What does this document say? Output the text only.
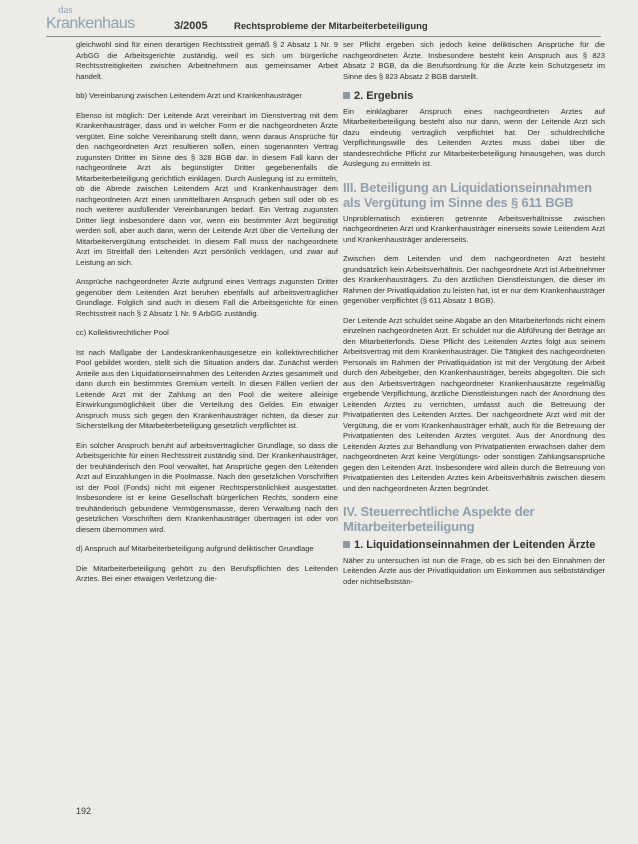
das
Krankenhaus	3/2005	Rechtsprobleme der Mitarbeiterbeteiligung

gleichwohl sind für einen derartigen Rechtsstreit gemäß § 2 Absatz 1 Nr. 9 ArbGG die Arbeitsgerichte zuständig, weil es sich um bürgerliche Rechtsstreitigkeiten zwischen Arbeitnehmern aus gemeinsamer Arbeit handelt.

bb) Vereinbarung zwischen Leitendem Arzt und Krankenhausträger

Ebenso ist möglich: Der Leitende Arzt vereinbart im Dienstvertrag mit dem Krankenhausträger, dass und in welcher Form er die nachgeordneten Ärzte vergütet. Eine solche Vereinbarung stellt dann, wenn daraus Ansprüche für den nachgeordneten Arzt resultieren sollen, einen sogenannten Vertrag zugunsten Dritter im Sinne des § 328 BGB dar. In diesem Fall kann der nachgeordnete Arzt als begünstigter Dritter gegebenenfalls die Mitarbeiterbeteiligung gerichtlich einklagen. Durch Auslegung ist zu ermitteln, ob die Abrede zwischen Leitendem Arzt und Krankenhausträger dem nachgeordneten Arzt einen unmittelbaren Anspruch geben soll oder ob es noch weiterer ausfüllender Vereinbarungen bedarf. Ein Vertrag zugunsten Dritter liegt insbesondere dann vor, wenn ein bestimmter Arzt begünstigt werden soll, aber auch dann, wenn der Leitende Arzt über die Verteilung der Mitarbeitervergütung entscheidet. In diesem Fall muss der nachgeordnete Arzt im Streitfall den Leitenden Arzt persönlich verklagen, und zwar auf Leistung an sich.

Ansprüche nachgeordneter Ärzte aufgrund eines Vertrags zugunsten Dritter gegenüber dem Leitenden Arzt beruhen ebenfalls auf arbeitsvertraglicher Grundlage. Folglich sind auch in diesem Fall die Arbeitsgerichte für einen Rechtsstreit nach § 2 Absatz 1 Nr. 9 ArbGG zuständig.

cc) Kollektivrechtlicher Pool

Ist nach Maßgabe der Landeskrankenhausgesetze ein kollektivrechtlicher Pool gebildet worden, stellt sich die Situation anders dar. Zunächst werden Anteile aus den Liquidationseinnahmen des Leitenden Arztes gesammelt und dann durch ein bestimmtes Gremium verteilt. In diesen Fällen verliert der Leitende Arzt mit der Zahlung an den Pool die weitere alleinige Einwirkungsmöglichkeit über die Verteilung des Geldes. Ein etwaiger Anspruch muss sich gegen den Krankenhausträger richten, da dieser zur Sicherstellung der Mitarbeiterbeteiligung gesetzlich verpflichtet ist.

Ein solcher Anspruch beruht auf arbeitsvertraglicher Grundlage, so dass die Arbeitsgerichte für einen Rechtsstreit zuständig sind. Der Krankenhausträger, der treuhänderisch den Pool verwaltet, hat Ansprüche gegen den Leitenden Arzt auf Einzahlungen in die Poolmasse. Nach den gesetzlichen Vorschriften ist der Pool (Fonds) nicht mit eigener Rechtspersönlichkeit ausgestattet. Insbesondere ist er keine Gesellschaft bürgerlichen Rechts, sondern eine treuhänderisch gebundene Vermögensmasse, deren Verwaltung nach den gesetzlichen Vorschriften dem Krankenhausträger übertragen ist oder von diesem übernommen wird.

d) Anspruch auf Mitarbeiterbeteiligung aufgrund deliktischer Grundlage

Die Mitarbeiterbeteiligung gehört zu den Berufspflichten des Leitenden Arztes. Bei einer etwaigen Verletzung die-

ser Pflicht ergeben sich jedoch keine deliktischen Ansprüche für die nachgeordneten Ärzte. Insbesondere besteht kein Anspruch aus § 823 Absatz 2 BGB, da die Berufsordnung für die Ärzte kein Schutzgesetz im Sinne des § 823 Absatz 2 BGB darstellt.

2. Ergebnis

Ein einklagbarer Anspruch eines nachgeordneten Arztes auf Mitarbeiterbeteiligung besteht also nur dann, wenn der Leitende Arzt sich dazu eindeutig vertraglich verpflichtet hat. Der schuldrechtliche Verpflichtungswille des Leitenden Arztes muss dabei über die standesrechtliche Pflicht zur Mitarbeiterbeteiligung hinausgehen, was durch Auslegung zu ermitteln ist.

III. Beteiligung an Liquidationseinnahmen als Vergütung im Sinne des § 611 BGB

Unproblematisch existieren getrennte Arbeitsverhältnisse zwischen nachgeordneten Arzt und Krankenhausträger einerseits sowie Leitendem Arzt und Krankenhausträger andererseits.

Zwischen dem Leitenden und dem nachgeordneten Arzt besteht grundsätzlich kein Arbeitsverhältnis. Der nachgeordnete Arzt ist Arbeitnehmer des Krankenhausträgers. Zu den ärztlichen Dienstleistungen, die dieser im Rahmen der Privatliquidation zu leisten hat, ist er nur dem Krankenhausträger gegenüber verpflichtet (§ 611 Absatz 1 BGB).

Der Leitende Arzt schuldet seine Abgabe an den Mitarbeiterfonds nicht einem einzelnen nachgeordneten Arzt. Er schuldet nur die Abführung der Beträge an den Mitarbeiterfonds. Diese Pflicht des Leitenden Arztes folgt aus seinem Arbeitsvertrag mit dem Krankenhausträger. Die Tätigkeit des nachgeordneten Personals im Rahmen der Privatliquidation ist mit der Vergütung der Arbeit durch den Arbeitgeber, den Krankenhausträger, bereits abgegolten. Die sich aus den Arbeitsverträgen nachgeordneter Krankenhausärzte regelmäßig ergebende Verpflichtung, ärztliche Dienstleistungen nach der Anordnung des Leitenden Arztes zu verrichten, umfasst auch die Betreuung der Privatpatienten des Leitenden Arztes. Der nachgeordnete Arzt wird mit der Vergütung, die er vom Krankenhausträger erhält, auch für die Betreuung der Privatpatienten des Leitenden Arztes vergütet. Aus der Anordnung des Leitenden Arztes zur Behandlung von Privatpatienten erwachsen daher dem nachgeordneten Arzt keine Vergütungs- oder sonstigen Zahlungsansprüche gegen den Leitenden Arzt. Insbesondere wird allein durch die Betreuung von Privatpatienten des Leitenden Arztes kein Arbeitsverhältnis zwischen diesem und den nachgeordneten Ärzten begründet.

IV. Steuerrechtliche Aspekte der Mitarbeiterbeteiligung
1. Liquidationseinnahmen der Leitenden Ärzte

Näher zu untersuchen ist nun die Frage, ob es sich bei den Einnahmen der Leitenden Ärzte aus der Privatliquidation um Einkommen aus selbstständiger oder nichtselbststän-

192
